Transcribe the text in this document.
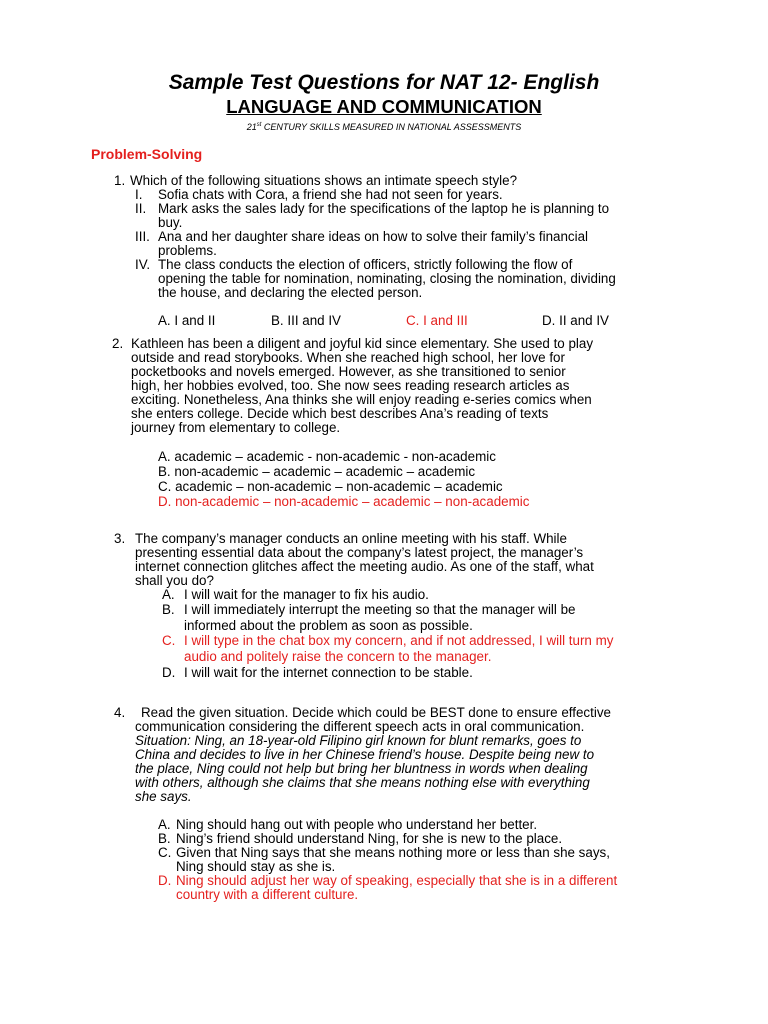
Sample Test Questions for NAT 12- English
LANGUAGE AND COMMUNICATION
21st CENTURY SKILLS MEASURED IN NATIONAL ASSESSMENTS
Problem-Solving
1. Which of the following situations shows an intimate speech style?
I. Sofia chats with Cora, a friend she had not seen for years.
II. Mark asks the sales lady for the specifications of the laptop he is planning to
buy.
III. Ana and her daughter share ideas on how to solve their family’s financial
problems.
IV. The class conducts the election of officers, strictly following the flow of
opening the table for nomination, nominating, closing the nomination, dividing
the house, and declaring the elected person.
A. I and II	B. III and IV	C. I and III	D. II and IV
2. Kathleen has been a diligent and joyful kid since elementary. She used to play
outside and read storybooks. When she reached high school, her love for
pocketbooks and novels emerged. However, as she transitioned to senior
high, her hobbies evolved, too. She now sees reading research articles as
exciting. Nonetheless, Ana thinks she will enjoy reading e-series comics when
she enters college. Decide which best describes Ana’s reading of texts
journey from elementary to college.
A. academic – academic - non-academic - non-academic
B. non-academic – academic – academic – academic
C. academic – non-academic – non-academic – academic
D. non-academic – non-academic – academic – non-academic
3. The company’s manager conducts an online meeting with his staff. While
presenting essential data about the company’s latest project, the manager’s
internet connection glitches affect the meeting audio. As one of the staff, what
shall you do?
A. I will wait for the manager to fix his audio.
B. I will immediately interrupt the meeting so that the manager will be
informed about the problem as soon as possible.
C. I will type in the chat box my concern, and if not addressed, I will turn my
audio and politely raise the concern to the manager.
D. I will wait for the internet connection to be stable.
4. Read the given situation. Decide which could be BEST done to ensure effective
communication considering the different speech acts in oral communication.
Situation: Ning, an 18-year-old Filipino girl known for blunt remarks, goes to
China and decides to live in her Chinese friend’s house. Despite being new to
the place, Ning could not help but bring her bluntness in words when dealing
with others, although she claims that she means nothing else with everything
she says.
A. Ning should hang out with people who understand her better.
B. Ning’s friend should understand Ning, for she is new to the place.
C. Given that Ning says that she means nothing more or less than she says,
Ning should stay as she is.
D. Ning should adjust her way of speaking, especially that she is in a different
country with a different culture.
